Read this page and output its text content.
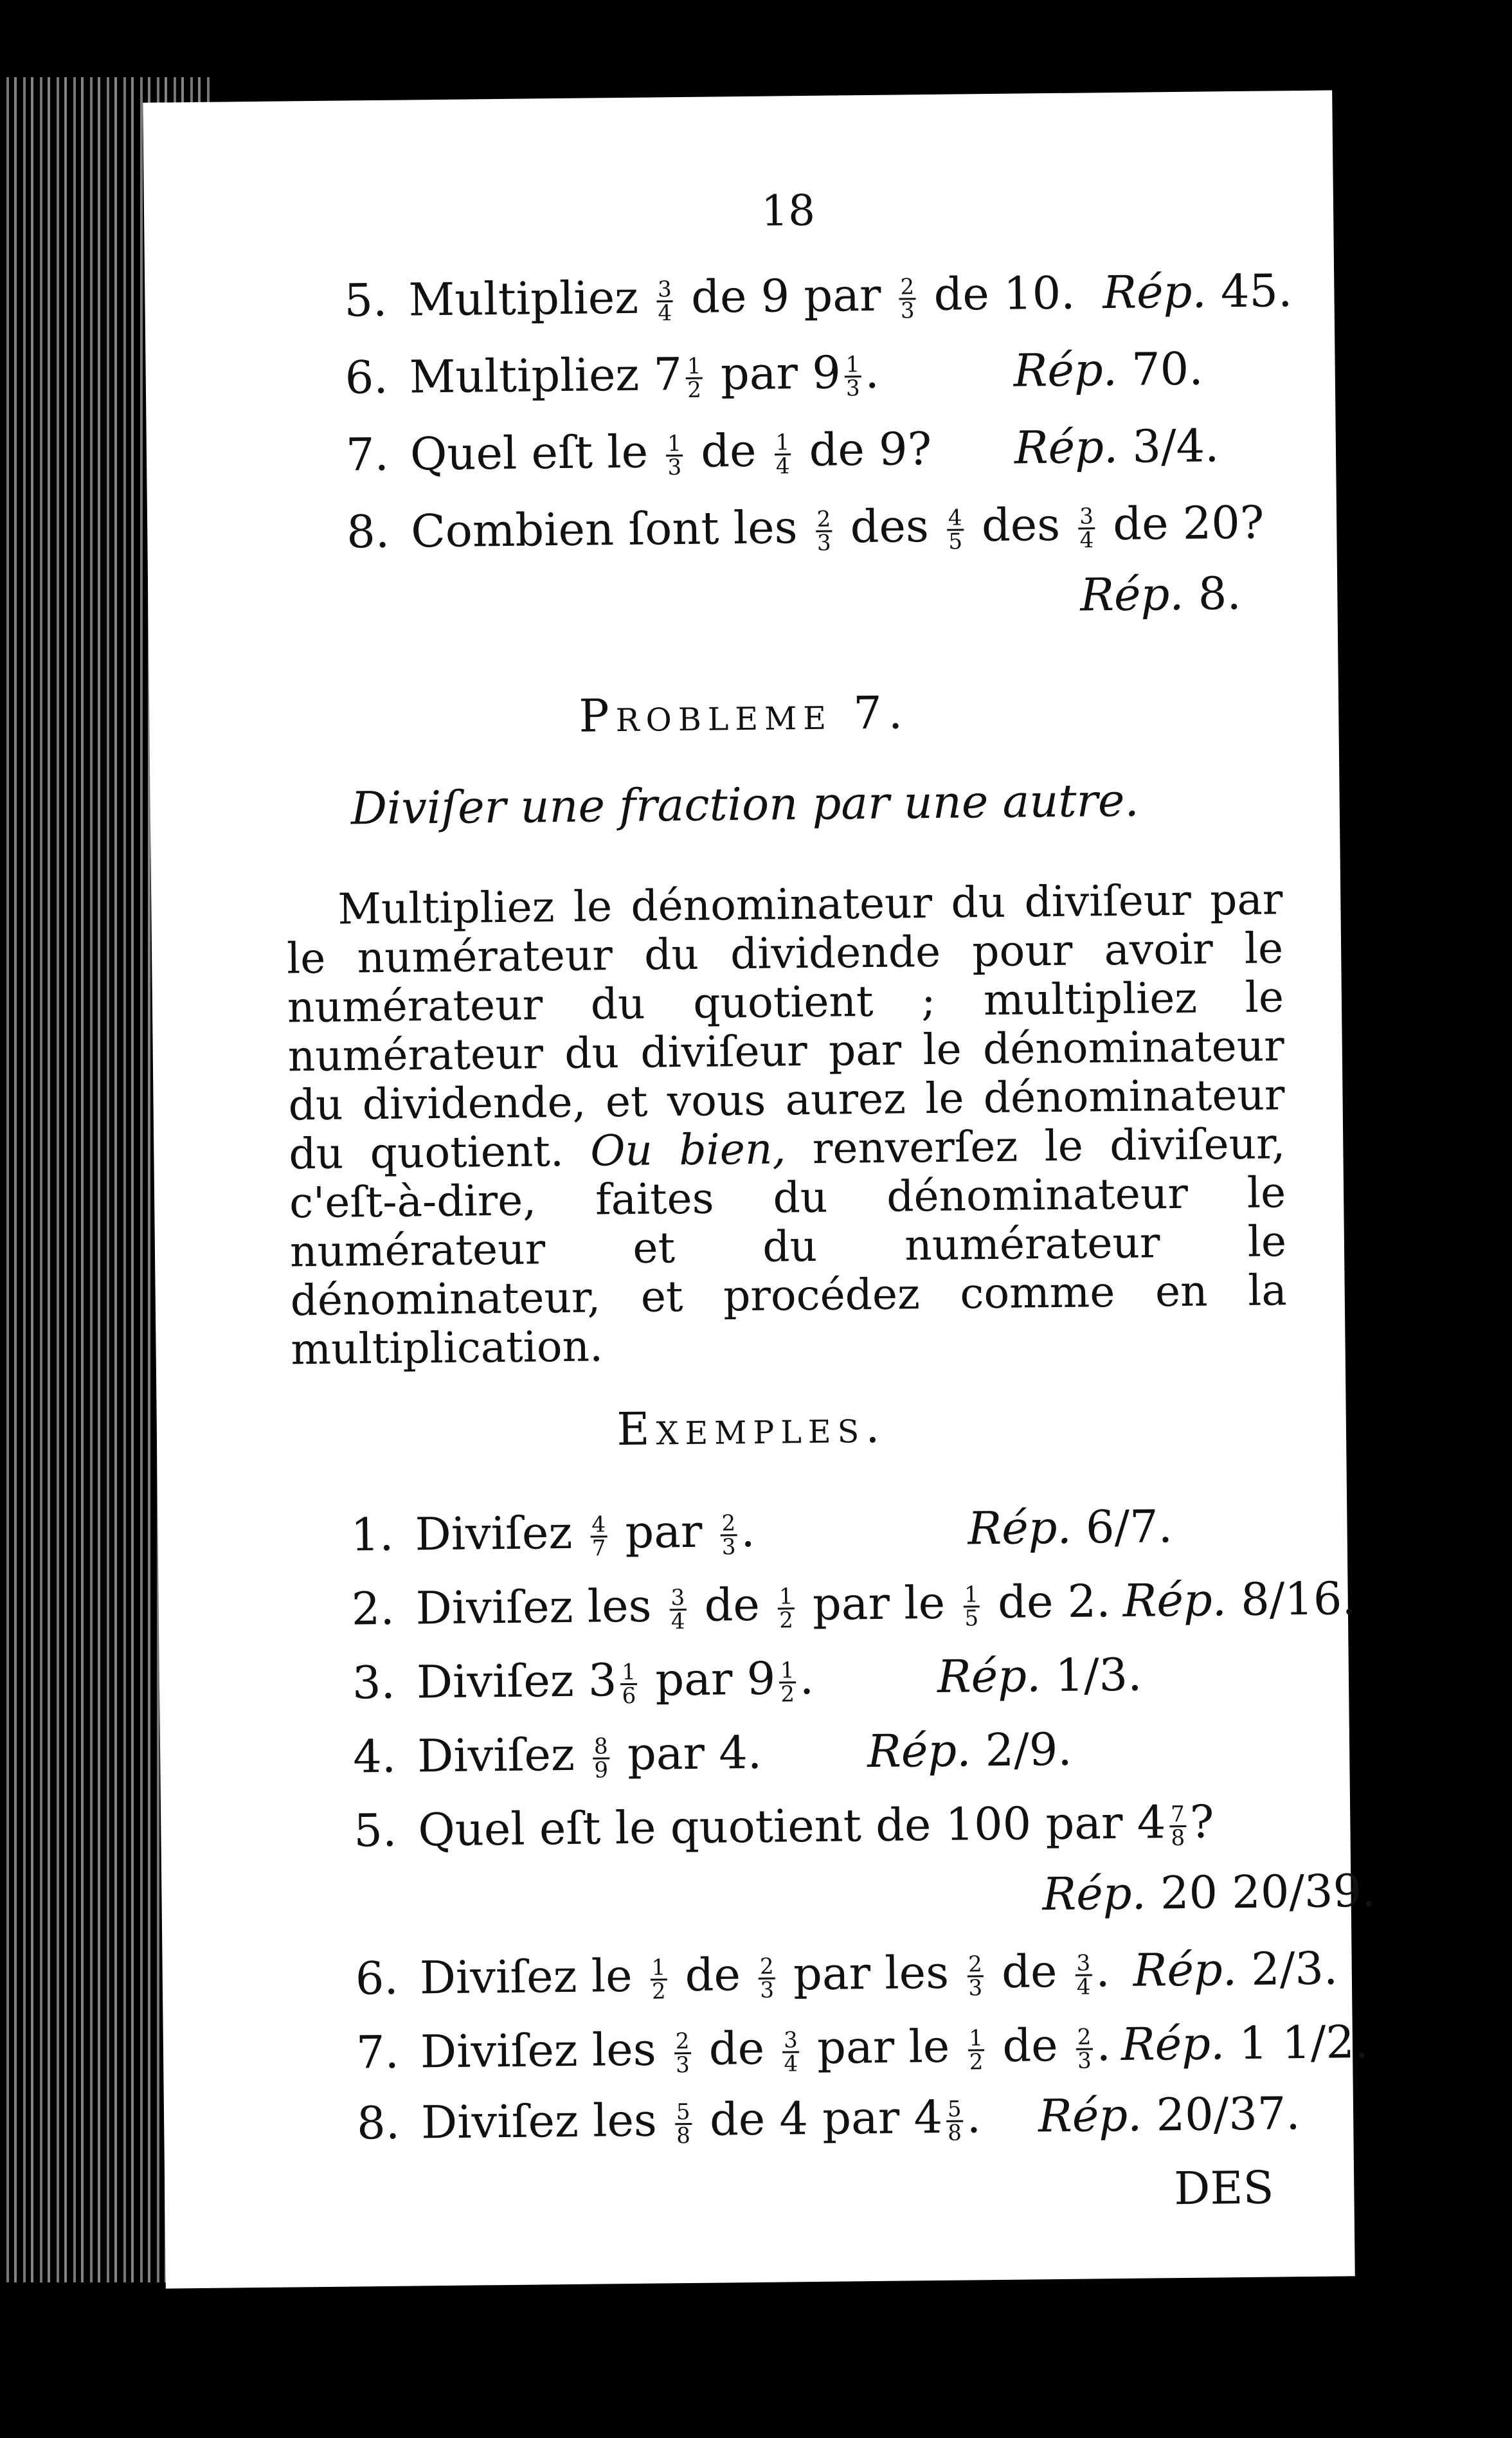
18
5. Multipliez $\frac{3}{4}$ de 9 par $\frac{2}{3}$ de 10. Rép. 45.
6. Multipliez $7 \frac{1}{2}$ par $9 \frac{1}{3}$ .	Rép. 70.
7. Quel eſt le $\frac{1}{3}$ de $\frac{1}{4}$ de 9? Rép. 3/4.
8. Combien ſont les $\frac{2}{3}$ des $\frac{4}{5}$ des $\frac{3}{4}$ de 20?
Rép. 8.
Probleme 7.
Diviſer une fraction par une autre.
Multipliez le dénominateur du diviſeur par le numérateur du dividende pour avoir le numérateur du quotient ; multipliez le numérateur du diviſeur par le dénominateur du dividende, et vous aurez le dénominateur du quotient. Ou bien, renverſez le diviſeur, c'eſt-à-dire, faites du dénominateur le numérateur et du numérateur le dénominateur, et procédez comme en la multiplication.
Exemples.
1. Diviſez $\frac{4}{7}$ par $\frac{2}{3}$ .	Rép. 6/7.
2. Diviſez les $\frac{3}{4}$ de $\frac{1}{2}$ par le $\frac{1}{5}$ de 2. Rép. 8/16.
3. Diviſez $3 \frac{1}{6}$ par $9 \frac{1}{2}$ .	Rép. 1/3.
4. Diviſez $\frac{8}{9}$ par 4. Rép. 2/9.
5. Quel eſt le quotient de 100 par $4 \frac{7}{8}$ ?
Rép. 20 20/39.
6. Diviſez le $\frac{1}{2}$ de $\frac{2}{3}$ par les $\frac{2}{3}$ de $\frac{3}{4}$ . Rép. 2/3.
7. Diviſez les $\frac{2}{3}$ de $\frac{3}{4}$ par le $\frac{1}{2}$ de $\frac{2}{3}$ . Rép. 1 1/2.
8. Diviſez les $\frac{5}{8}$ de 4 par $4 \frac{5}{8}$ . Rép. 20/37.
DES
